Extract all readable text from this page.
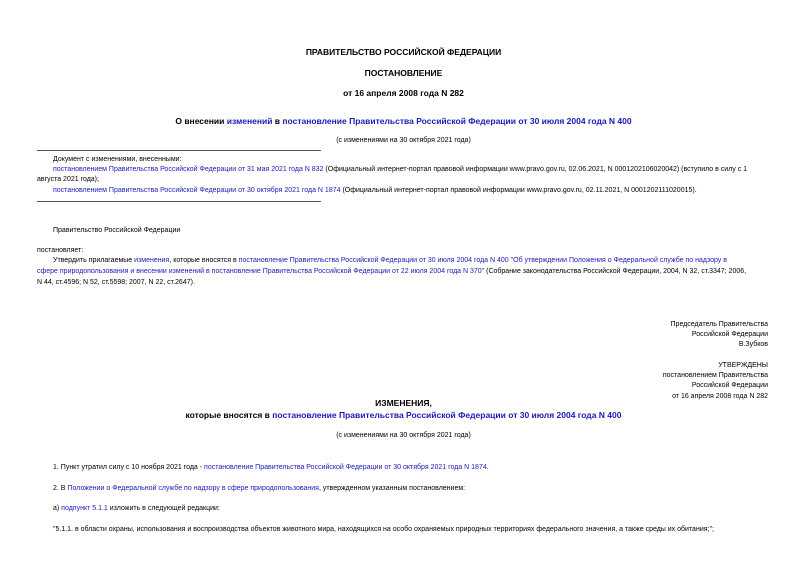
ПРАВИТЕЛЬСТВО РОССИЙСКОЙ ФЕДЕРАЦИИ
ПОСТАНОВЛЕНИЕ
от 16 апреля 2008 года N 282
О внесении изменений в постановление Правительства Российской Федерации от 30 июля 2004 года N 400
(с изменениями на 30 октября 2021 года)
Документ с изменениями, внесенными:
постановлением Правительства Российской Федерации от 31 мая 2021 года N 832 (Официальный интернет-портал правовой информации www.pravo.gov.ru, 02.06.2021, N 0001202106020042) (вступило в силу с 1
августа 2021 года);
постановлением Правительства Российской Федерации от 30 октября 2021 года N 1874 (Официальный интернет-портал правовой информации www.pravo.gov.ru, 02.11.2021, N 0001202111020015).
Правительство Российской Федерации
постановляет:
Утвердить прилагаемые изменения, которые вносятся в постановление Правительства Российской Федерации от 30 июля 2004 года N 400 "Об утверждении Положения о Федеральной службе по надзору в
сфере природопользования и внесении изменений в постановление Правительства Российской Федерации от 22 июля 2004 года N 370" (Собрание законодательства Российской Федерации, 2004, N 32, ст.3347; 2006,
N 44, ст.4596; N 52, ст.5598; 2007, N 22, ст.2647).
Председатель Правительства
Российской Федерации
В.Зубков
УТВЕРЖДЕНЫ
постановлением Правительства
Российской Федерации
от 16 апреля 2008 года N 282
ИЗМЕНЕНИЯ,
которые вносятся в постановление Правительства Российской Федерации от 30 июля 2004 года N 400
(с изменениями на 30 октября 2021 года)
1. Пункт утратил силу с 10 ноября 2021 года - постановление Правительства Российской Федерации от 30 октября 2021 года N 1874.
2. В Положении о Федеральной службе по надзору в сфере природопользования, утвержденном указанным постановлением:
а) подпункт 5.1.1 изложить в следующей редакции:
"5.1.1. в области охраны, использования и воспроизводства объектов животного мира, находящихся на особо охраняемых природных территориях федерального значения, а также среды их обитания;";
